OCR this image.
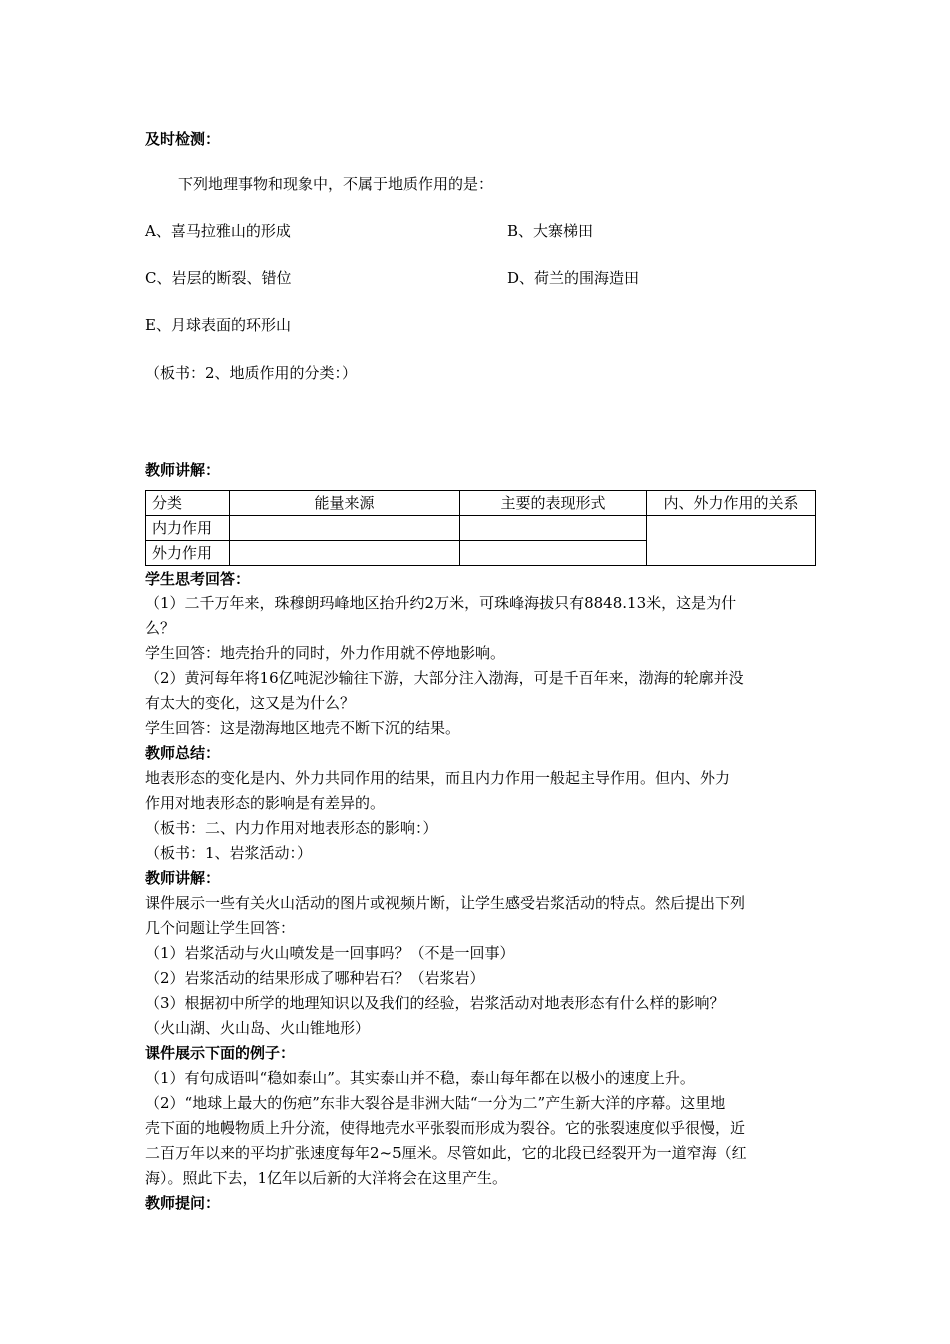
及时检测：
下列地理事物和现象中，不属于地质作用的是：
A、喜马拉雅山的形成	B、大寨梯田
C、岩层的断裂、错位	D、荷兰的围海造田
E、月球表面的环形山
（板书：2、地质作用的分类：）
教师讲解：
分类	能量来源	主要的表现形式	内、外力作用的关系
内力作用			
外力作用			
学生思考回答：
（1）二千万年来，珠穆朗玛峰地区抬升约2万米，可珠峰海拔只有8848.13米，这是为什
么？
学生回答：地壳抬升的同时，外力作用就不停地影响。
（2）黄河每年将16亿吨泥沙输往下游，大部分注入渤海，可是千百年来，渤海的轮廓并没
有太大的变化，这又是为什么？
学生回答：这是渤海地区地壳不断下沉的结果。
教师总结：
地表形态的变化是内、外力共同作用的结果，而且内力作用一般起主导作用。但内、外力
作用对地表形态的影响是有差异的。
（板书：二、内力作用对地表形态的影响：）
（板书：1、岩浆活动：）
教师讲解：
课件展示一些有关火山活动的图片或视频片断，让学生感受岩浆活动的特点。然后提出下列
几个问题让学生回答：
（1）岩浆活动与火山喷发是一回事吗？（不是一回事）
（2）岩浆活动的结果形成了哪种岩石？（岩浆岩）
（3）根据初中所学的地理知识以及我们的经验，岩浆活动对地表形态有什么样的影响？
（火山湖、火山岛、火山锥地形）
课件展示下面的例子：
（1）有句成语叫“稳如泰山”。其实泰山并不稳，泰山每年都在以极小的速度上升。
（2）“地球上最大的伤疤”东非大裂谷是非洲大陆“一分为二”产生新大洋的序幕。这里地
壳下面的地幔物质上升分流，使得地壳水平张裂而形成为裂谷。它的张裂速度似乎很慢，近
二百万年以来的平均扩张速度每年2~5厘米。尽管如此，它的北段已经裂开为一道窄海（红
海）。照此下去，1亿年以后新的大洋将会在这里产生。
教师提问：
